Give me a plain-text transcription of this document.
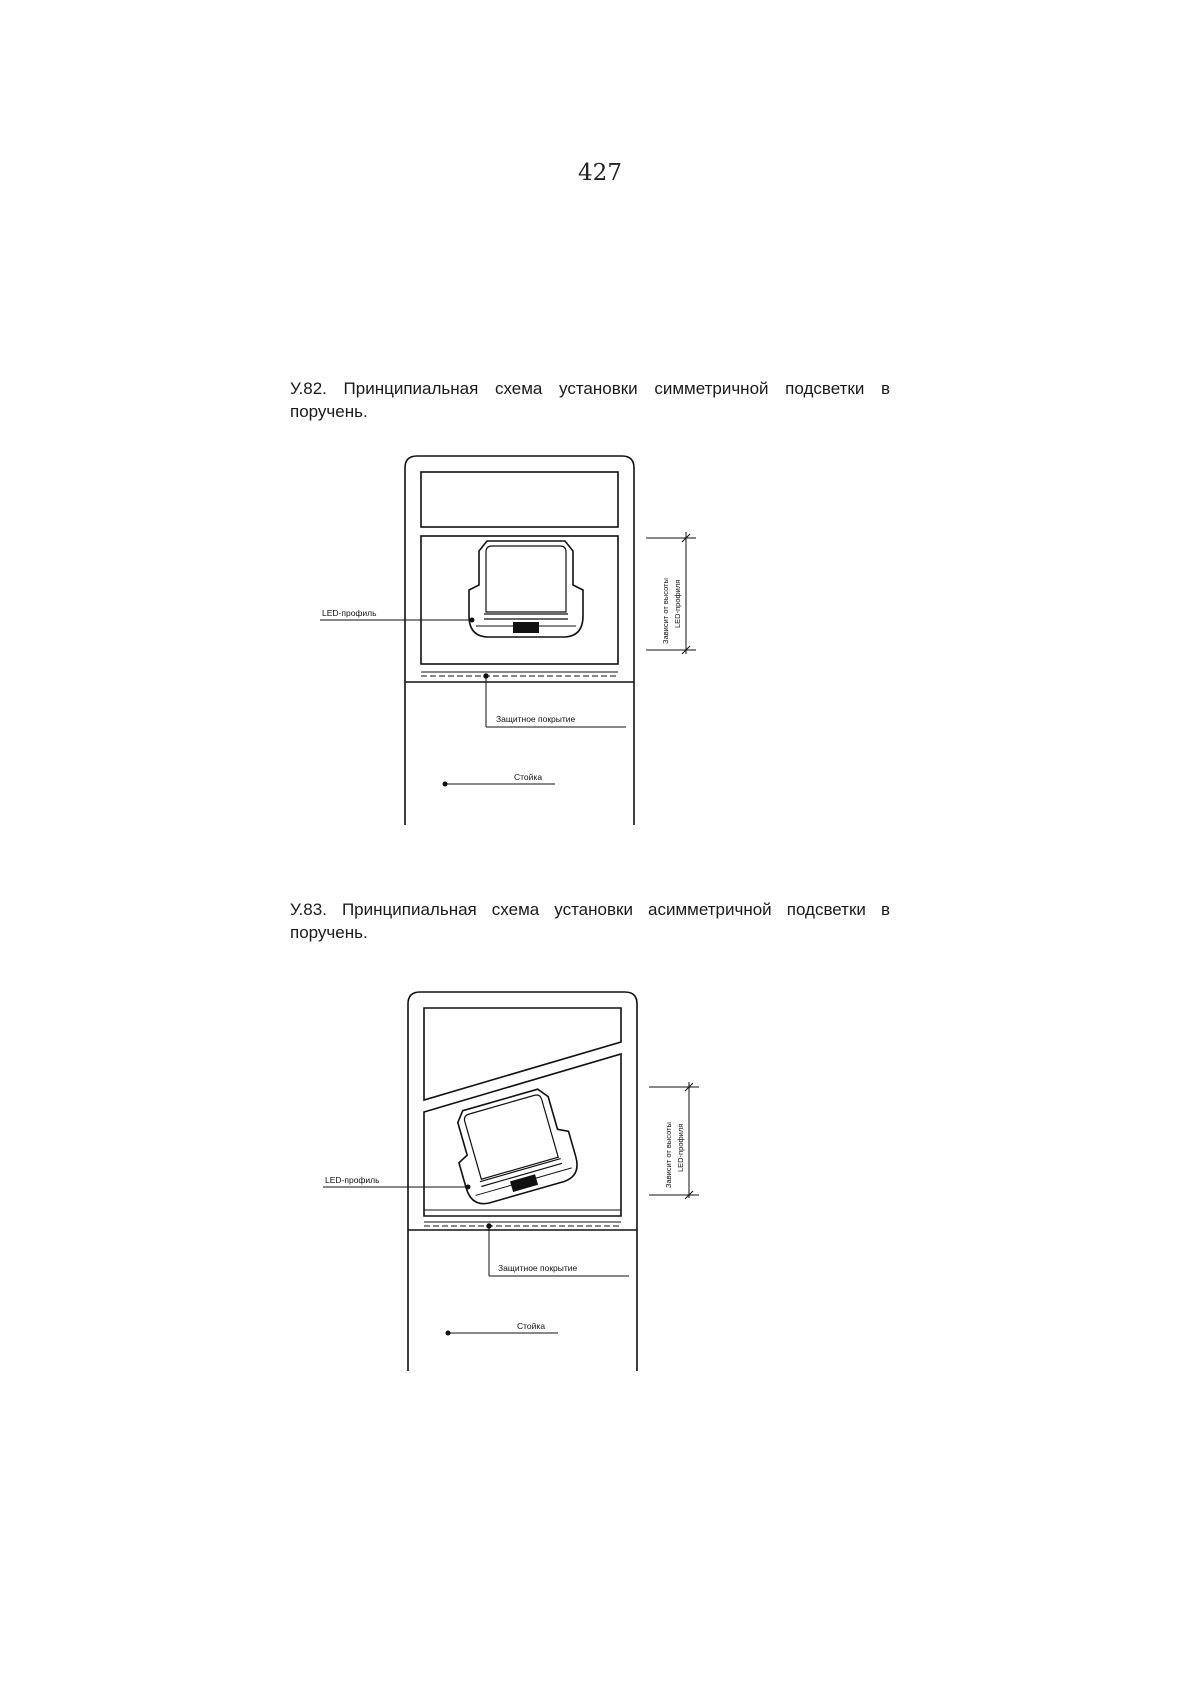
427
У.82. Принципиальная схема установки симметричной подсветки в поручень.
LED-профиль
Защитное покрытие
Стойка
Зависит от высоты LED-профиля
У.83. Принципиальная схема установки асимметричной подсветки в поручень.
LED-профиль
Защитное покрытие
Стойка
Зависит от высоты LED-профиля
